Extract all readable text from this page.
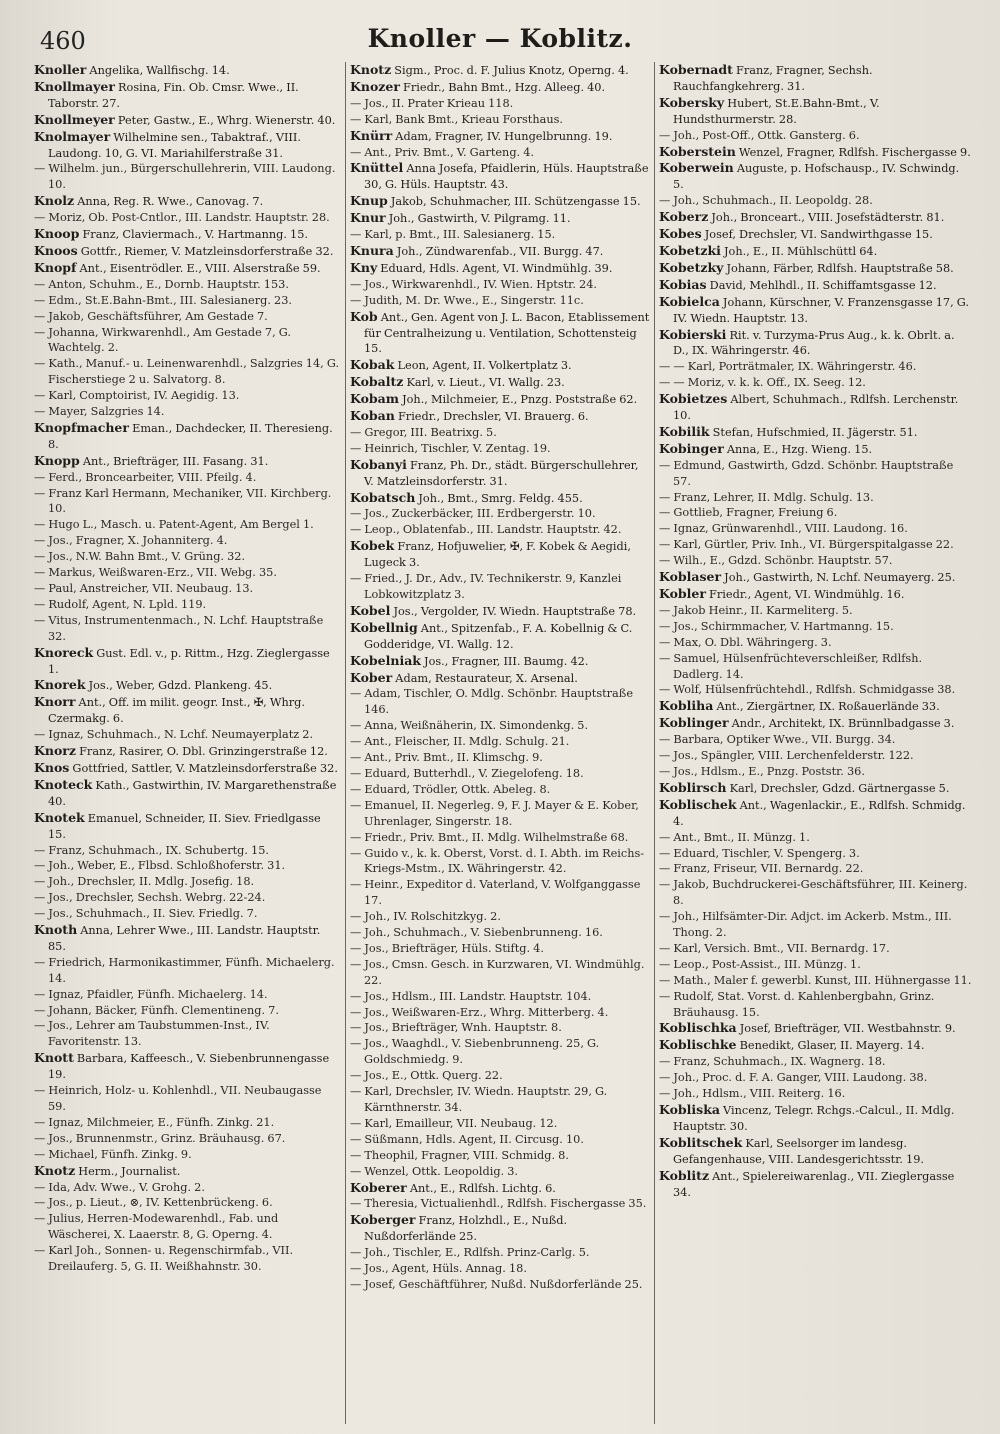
460	Knoller — Koblitz.

Knoller Angelika, Wallfischg. 14.

Knollmayer Rosina, Fin. Ob. Cmsr. Wwe., II. Taborstr. 27.

Knollmeyer Peter, Gastw., E., Whrg. Wienerstr. 40.

Knolmayer Wilhelmine sen., Tabaktraf., VIII. Laudong. 10, G. VI. Mariahilferstraße 31.

— Wilhelm. jun., Bürgerschullehrerin, VIII. Laudong. 10.

Knolz Anna, Reg. R. Wwe., Canovag. 7.

— Moriz, Ob. Post-Cntlor., III. Landstr. Hauptstr. 28.

Knoop Franz, Claviermach., V. Hartmanng. 15.

Knoos Gottfr., Riemer, V. Matzleinsdorferstraße 32.

Knopf Ant., Eisentrödler. E., VIII. Alserstraße 59.

— Anton, Schuhm., E., Dornb. Hauptstr. 153.

— Edm., St.E.Bahn-Bmt., III. Salesianerg. 23.

— Jakob, Geschäftsführer, Am Gestade 7.

— Johanna, Wirkwarenhdl., Am Gestade 7, G. Wachtelg. 2.

— Kath., Manuf.- u. Leinenwarenhdl., Salzgries 14, G. Fischerstiege 2 u. Salvatorg. 8.

— Karl, Comptoirist, IV. Aegidig. 13.

— Mayer, Salzgries 14.

Knopfmacher Eman., Dachdecker, II. Theresieng. 8.

Knopp Ant., Briefträger, III. Fasang. 31.

— Ferd., Broncearbeiter, VIII. Pfeilg. 4.

— Franz Karl Hermann, Mechaniker, VII. Kirchberg. 10.

— Hugo L., Masch. u. Patent-Agent, Am Bergel 1.

— Jos., Fragner, X. Johanniterg. 4.

— Jos., N.W. Bahn Bmt., V. Grüng. 32.

— Markus, Weißwaren-Erz., VII. Webg. 35.

— Paul, Anstreicher, VII. Neubaug. 13.

— Rudolf, Agent, N. Lpld. 119.

— Vitus, Instrumentenmach., N. Lchf. Hauptstraße 32.

Knoreck Gust. Edl. v., p. Rittm., Hzg. Zieglergasse 1.

Knorek Jos., Weber, Gdzd. Plankeng. 45.

Knorr Ant., Off. im milit. geogr. Inst., ✠, Whrg. Czermakg. 6.

— Ignaz, Schuhmach., N. Lchf. Neumayerplatz 2.

Knorz Franz, Rasirer, O. Dbl. Grinzingerstraße 12.

Knos Gottfried, Sattler, V. Matzleinsdorferstraße 32.

Knoteck Kath., Gastwirthin, IV. Margarethenstraße 40.

Knotek Emanuel, Schneider, II. Siev. Friedlgasse 15.

— Franz, Schuhmach., IX. Schubertg. 15.

— Joh., Weber, E., Flbsd. Schloßhoferstr. 31.

— Joh., Drechsler, II. Mdlg. Josefig. 18.

— Jos., Drechsler, Sechsh. Webrg. 22-24.

— Jos., Schuhmach., II. Siev. Friedlg. 7.

Knoth Anna, Lehrer Wwe., III. Landstr. Hauptstr. 85.

— Friedrich, Harmonikastimmer, Fünfh. Michaelerg. 14.

— Ignaz, Pfaidler, Fünfh. Michaelerg. 14.

— Johann, Bäcker, Fünfh. Clementineng. 7.

— Jos., Lehrer am Taubstummen-Inst., IV. Favoritenstr. 13.

Knott Barbara, Kaffeesch., V. Siebenbrunnengasse 19.

— Heinrich, Holz- u. Kohlenhdl., VII. Neubaugasse 59.

— Ignaz, Milchmeier, E., Fünfh. Zinkg. 21.

— Jos., Brunnenmstr., Grinz. Bräuhausg. 67.

— Michael, Fünfh. Zinkg. 9.

Knotz Herm., Journalist.

— Ida, Adv. Wwe., V. Grohg. 2.

— Jos., p. Lieut., ⊗, IV. Kettenbrückeng. 6.

— Julius, Herren-Modewarenhdl., Fab. und Wäscherei, X. Laaerstr. 8, G. Operng. 4.

— Karl Joh., Sonnen- u. Regenschirmfab., VII. Dreilauferg. 5, G. II. Weißhahnstr. 30.

Knotz Sigm., Proc. d. F. Julius Knotz, Operng. 4.

Knozer Friedr., Bahn Bmt., Hzg. Alleeg. 40.

— Jos., II. Prater Krieau 118.

— Karl, Bank Bmt., Krieau Forsthaus.

Knürr Adam, Fragner, IV. Hungelbrunng. 19.

— Ant., Priv. Bmt., V. Garteng. 4.

Knüttel Anna Josefa, Pfaidlerin, Hüls. Hauptstraße 30, G. Hüls. Hauptstr. 43.

Knup Jakob, Schuhmacher, III. Schützengasse 15.

Knur Joh., Gastwirth, V. Pilgramg. 11.

— Karl, p. Bmt., III. Salesianerg. 15.

Knura Joh., Zündwarenfab., VII. Burgg. 47.

Kny Eduard, Hdls. Agent, VI. Windmühlg. 39.

— Jos., Wirkwarenhdl., IV. Wien. Hptstr. 24.

— Judith, M. Dr. Wwe., E., Singerstr. 11c.

Kob Ant., Gen. Agent von J. L. Bacon, Etablissement für Centralheizung u. Ventilation, Schottensteig 15.

Kobak Leon, Agent, II. Volkertplatz 3.

Kobaltz Karl, v. Lieut., VI. Wallg. 23.

Kobam Joh., Milchmeier, E., Pnzg. Poststraße 62.

Koban Friedr., Drechsler, VI. Brauerg. 6.

— Gregor, III. Beatrixg. 5.

— Heinrich, Tischler, V. Zentag. 19.

Kobanyi Franz, Ph. Dr., städt. Bürgerschullehrer, V. Matzleinsdorferstr. 31.

Kobatsch Joh., Bmt., Smrg. Feldg. 455.

— Jos., Zuckerbäcker, III. Erdbergerstr. 10.

— Leop., Oblatenfab., III. Landstr. Hauptstr. 42.

Kobek Franz, Hofjuwelier, ✠, F. Kobek & Aegidi, Lugeck 3.

— Fried., J. Dr., Adv., IV. Technikerstr. 9, Kanzlei Lobkowitzplatz 3.

Kobel Jos., Vergolder, IV. Wiedn. Hauptstraße 78.

Kobellnig Ant., Spitzenfab., F. A. Kobellnig & C. Godderidge, VI. Wallg. 12.

Kobelniak Jos., Fragner, III. Baumg. 42.

Kober Adam, Restaurateur, X. Arsenal.

— Adam, Tischler, O. Mdlg. Schönbr. Hauptstraße 146.

— Anna, Weißnäherin, IX. Simondenkg. 5.

— Ant., Fleischer, II. Mdlg. Schulg. 21.

— Ant., Priv. Bmt., II. Klimschg. 9.

— Eduard, Butterhdl., V. Ziegelofeng. 18.

— Eduard, Trödler, Ottk. Abeleg. 8.

— Emanuel, II. Negerleg. 9, F. J. Mayer & E. Kober, Uhrenlager, Singerstr. 18.

— Friedr., Priv. Bmt., II. Mdlg. Wilhelmstraße 68.

— Guido v., k. k. Oberst, Vorst. d. I. Abth. im Reichs-Kriegs-Mstm., IX. Währingerstr. 42.

— Heinr., Expeditor d. Vaterland, V. Wolfganggasse 17.

— Joh., IV. Rolschitzkyg. 2.

— Joh., Schuhmach., V. Siebenbrunneng. 16.

— Jos., Briefträger, Hüls. Stiftg. 4.

— Jos., Cmsn. Gesch. in Kurzwaren, VI. Windmühlg. 22.

— Jos., Hdlsm., III. Landstr. Hauptstr. 104.

— Jos., Weißwaren-Erz., Whrg. Mitterberg. 4.

— Jos., Briefträger, Wnh. Hauptstr. 8.

— Jos., Waaghdl., V. Siebenbrunneng. 25, G. Goldschmiedg. 9.

— Jos., E., Ottk. Querg. 22.

— Karl, Drechsler, IV. Wiedn. Hauptstr. 29, G. Kärnthnerstr. 34.

— Karl, Emailleur, VII. Neubaug. 12.

— Süßmann, Hdls. Agent, II. Circusg. 10.

— Theophil, Fragner, VIII. Schmidg. 8.

— Wenzel, Ottk. Leopoldig. 3.

Koberer Ant., E., Rdlfsh. Lichtg. 6.

— Theresia, Victualienhdl., Rdlfsh. Fischergasse 35.

Koberger Franz, Holzhdl., E., Nußd. Nußdorferlände 25.

— Joh., Tischler, E., Rdlfsh. Prinz-Carlg. 5.

— Jos., Agent, Hüls. Annag. 18.

— Josef, Geschäftführer, Nußd. Nußdorferlände 25.

Kobernadt Franz, Fragner, Sechsh. Rauchfangkehrerg. 31.

Kobersky Hubert, St.E.Bahn-Bmt., V. Hundsthurmerstr. 28.

— Joh., Post-Off., Ottk. Gansterg. 6.

Koberstein Wenzel, Fragner, Rdlfsh. Fischergasse 9.

Koberwein Auguste, p. Hofschausp., IV. Schwindg. 5.

— Joh., Schuhmach., II. Leopoldg. 28.

Koberz Joh., Bronceart., VIII. Josefstädterstr. 81.

Kobes Josef, Drechsler, VI. Sandwirthgasse 15.

Kobetzki Joh., E., II. Mühlschüttl 64.

Kobetzky Johann, Färber, Rdlfsh. Hauptstraße 58.

Kobias David, Mehlhdl., II. Schiffamtsgasse 12.

Kobielca Johann, Kürschner, V. Franzensgasse 17, G. IV. Wiedn. Hauptstr. 13.

Kobierski Rit. v. Turzyma-Prus Aug., k. k. Obrlt. a. D., IX. Währingerstr. 46.

— — Karl, Porträtmaler, IX. Währingerstr. 46.

— — Moriz, v. k. k. Off., IX. Seeg. 12.

Kobietzes Albert, Schuhmach., Rdlfsh. Lerchenstr. 10.

Kobilik Stefan, Hufschmied, II. Jägerstr. 51.

Kobinger Anna, E., Hzg. Wieng. 15.

— Edmund, Gastwirth, Gdzd. Schönbr. Hauptstraße 57.

— Franz, Lehrer, II. Mdlg. Schulg. 13.

— Gottlieb, Fragner, Freiung 6.

— Ignaz, Grünwarenhdl., VIII. Laudong. 16.

— Karl, Gürtler, Priv. Inh., VI. Bürgerspitalgasse 22.

— Wilh., E., Gdzd. Schönbr. Hauptstr. 57.

Koblaser Joh., Gastwirth, N. Lchf. Neumayerg. 25.

Kobler Friedr., Agent, VI. Windmühlg. 16.

— Jakob Heinr., II. Karmeliterg. 5.

— Jos., Schirmmacher, V. Hartmanng. 15.

— Max, O. Dbl. Währingerg. 3.

— Samuel, Hülsenfrüchteverschleißer, Rdlfsh. Dadlerg. 14.

— Wolf, Hülsenfrüchtehdl., Rdlfsh. Schmidgasse 38.

Kobliha Ant., Ziergärtner, IX. Roßauerlände 33.

Koblinger Andr., Architekt, IX. Brünnlbadgasse 3.

— Barbara, Optiker Wwe., VII. Burgg. 34.

— Jos., Spängler, VIII. Lerchenfelderstr. 122.

— Jos., Hdlsm., E., Pnzg. Poststr. 36.

Koblirsch Karl, Drechsler, Gdzd. Gärtnergasse 5.

Koblischek Ant., Wagenlackir., E., Rdlfsh. Schmidg. 4.

— Ant., Bmt., II. Münzg. 1.

— Eduard, Tischler, V. Spengerg. 3.

— Franz, Friseur, VII. Bernardg. 22.

— Jakob, Buchdruckerei-Geschäftsführer, III. Keinerg. 8.

— Joh., Hilfsämter-Dir. Adjct. im Ackerb. Mstm., III. Thong. 2.

— Karl, Versich. Bmt., VII. Bernardg. 17.

— Leop., Post-Assist., III. Münzg. 1.

— Math., Maler f. gewerbl. Kunst, III. Hühnergasse 11.

— Rudolf, Stat. Vorst. d. Kahlenbergbahn, Grinz. Bräuhausg. 15.

Koblischka Josef, Briefträger, VII. Westbahnstr. 9.

Koblischke Benedikt, Glaser, II. Mayerg. 14.

— Franz, Schuhmach., IX. Wagnerg. 18.

— Joh., Proc. d. F. A. Ganger, VIII. Laudong. 38.

— Joh., Hdlsm., VIII. Reiterg. 16.

Kobliska Vincenz, Telegr. Rchgs.-Calcul., II. Mdlg. Hauptstr. 30.

Koblitschek Karl, Seelsorger im landesg. Gefangenhause, VIII. Landesgerichtsstr. 19.

Koblitz Ant., Spielereiwarenlag., VII. Zieglergasse 34.
